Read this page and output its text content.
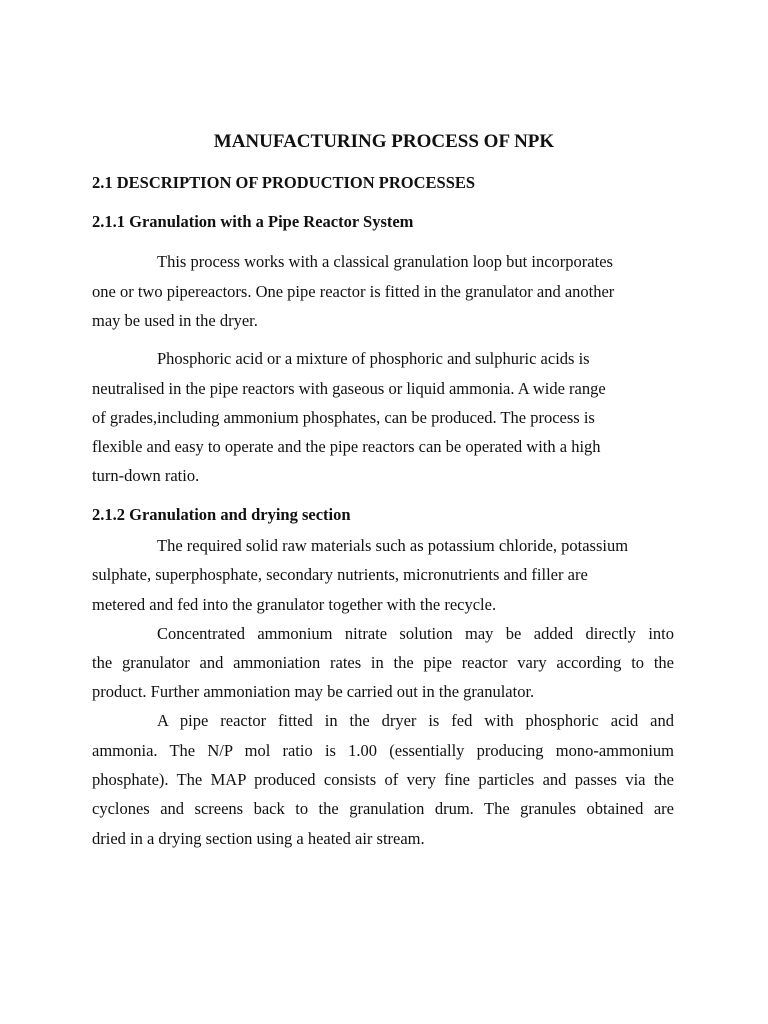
MANUFACTURING PROCESS OF NPK
2.1 DESCRIPTION OF PRODUCTION PROCESSES
2.1.1 Granulation with a Pipe Reactor System
This process works with a classical granulation loop but incorporates
one or two pipereactors. One pipe reactor is fitted in the granulator and another
may be used in the dryer.
Phosphoric acid or a mixture of phosphoric and sulphuric acids is
neutralised in the pipe reactors with gaseous or liquid ammonia. A wide range
of grades,including ammonium phosphates, can be produced. The process is
flexible and easy to operate and the pipe reactors can be operated with a high
turn-down ratio.
2.1.2 Granulation and drying section
The required solid raw materials such as potassium chloride, potassium
sulphate, superphosphate, secondary nutrients, micronutrients and filler are
metered and fed into the granulator together with the recycle.
Concentrated ammonium nitrate solution may be added directly into
the granulator and ammoniation rates in the pipe reactor vary according to the
product. Further ammoniation may be carried out in the granulator.
A pipe reactor fitted in the dryer is fed with phosphoric acid and
ammonia. The N/P mol ratio is 1.00 (essentially producing mono-ammonium
phosphate). The MAP produced consists of very fine particles and passes via the
cyclones and screens back to the granulation drum. The granules obtained are
dried in a drying section using a heated air stream.
